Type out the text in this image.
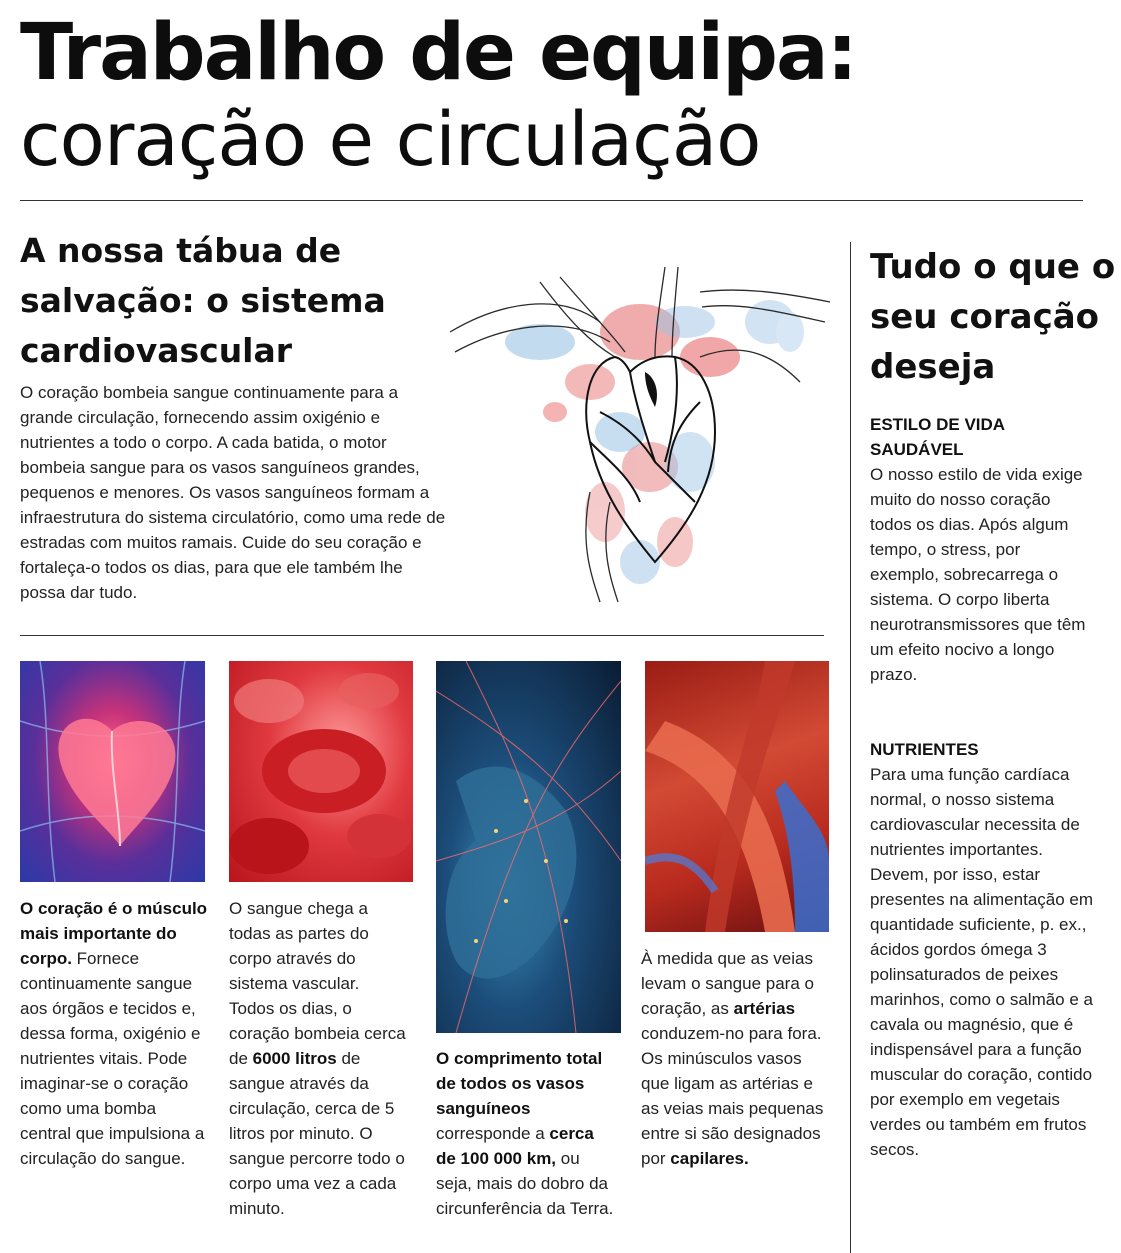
Trabalho de equipa:
coração e circulação
A nossa tábua de salvação: o sistema cardiovascular

O coração bombeia sangue continuamente para a grande circulação, fornecendo assim oxigénio e nutrientes a todo o corpo. A cada batida, o motor bombeia sangue para os vasos sanguíneos grandes, pequenos e menores. Os vasos sanguíneos formam a infraestrutura do sistema circulatório, como uma rede de estradas com muitos ramais. Cuide do seu coração e fortaleça-o todos os dias, para que ele também lhe possa dar tudo.

O coração é o músculo mais importante do corpo. Fornece continuamente sangue aos órgãos e tecidos e, dessa forma, oxigénio e nutrientes vitais. Pode imaginar-se o coração como uma bomba central que impulsiona a circulação do sangue.

O sangue chega a todas as partes do corpo através do sistema vascular. Todos os dias, o coração bombeia cerca de 6000 litros de sangue através da circulação, cerca de 5 litros por minuto. O sangue percorre todo o corpo uma vez a cada minuto.

O comprimento total de todos os vasos sanguíneos corresponde a cerca de 100 000 km, ou seja, mais do dobro da circunferência da Terra.

À medida que as veias levam o sangue para o coração, as artérias conduzem-no para fora. Os minúsculos vasos que ligam as artérias e as veias mais pequenas entre si são designados por capilares.

Tudo o que o seu coração deseja
ESTILO DE VIDA SAUDÁVEL

O nosso estilo de vida exige muito do nosso coração todos os dias. Após algum tempo, o stress, por exemplo, sobrecarrega o sistema. O corpo liberta neurotransmissores que têm um efeito nocivo a longo prazo.

NUTRIENTES

Para uma função cardíaca normal, o nosso sistema cardiovascular necessita de nutrientes importantes. Devem, por isso, estar presentes na alimentação em quantidade suficiente, p. ex., ácidos gordos ómega 3 polinsaturados de peixes marinhos, como o salmão e a cavala ou magnésio, que é indispensável para a função muscular do coração, contido por exemplo em vegetais verdes ou também em frutos secos.
